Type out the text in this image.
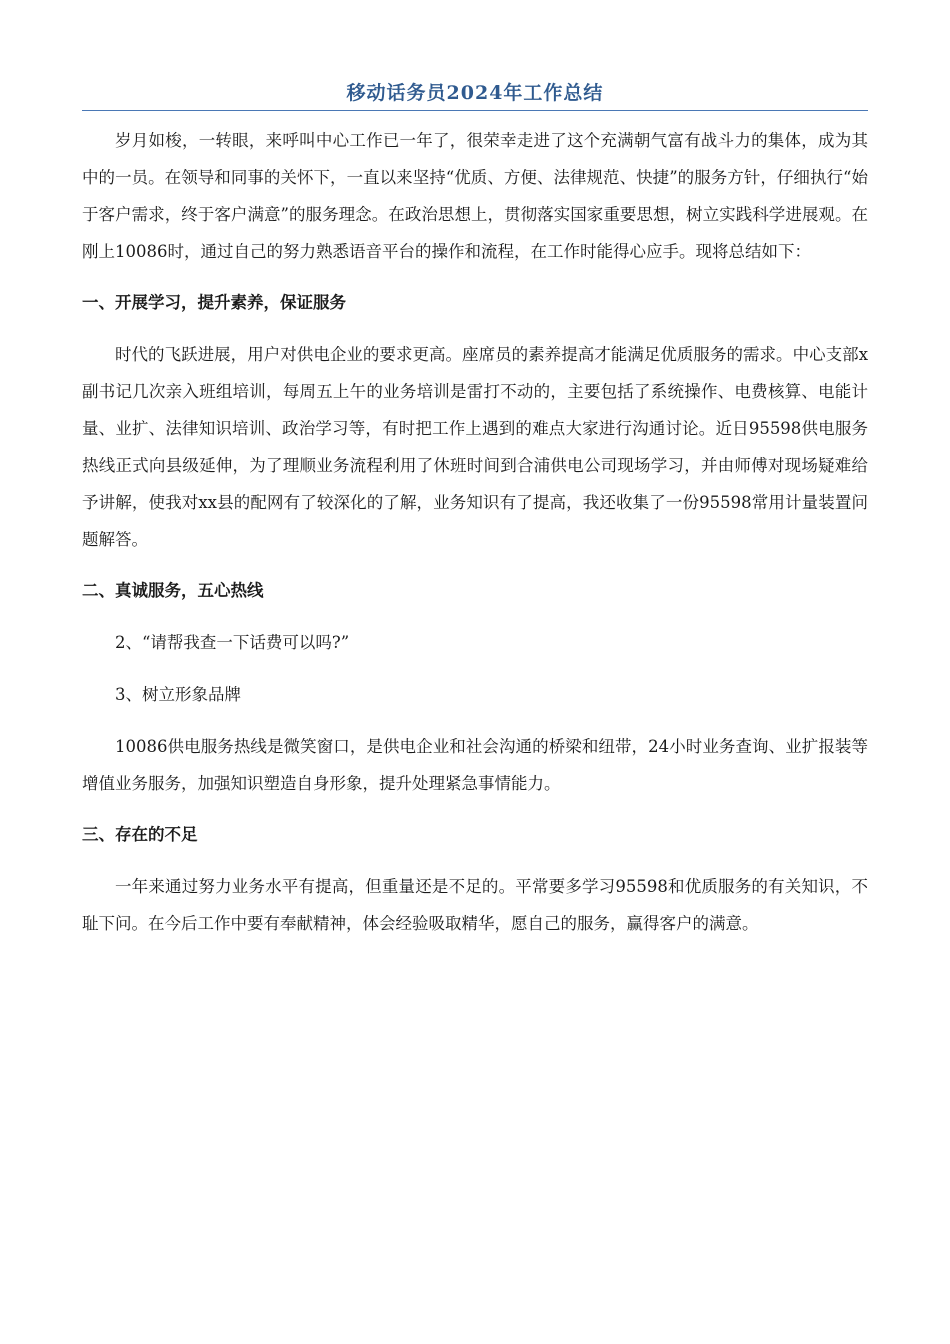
移动话务员2024年工作总结

岁月如梭，一转眼，来呼叫中心工作已一年了，很荣幸走进了这个充满朝气富有战斗力的集体，成为其中的一员。在领导和同事的关怀下，一直以来坚持“优质、方便、法律规范、快捷”的服务方针，仔细执行“始于客户需求，终于客户满意”的服务理念。在政治思想上，贯彻落实国家重要思想，树立实践科学进展观。在刚上10086时，通过自己的努力熟悉语音平台的操作和流程，在工作时能得心应手。现将总结如下：

一、开展学习，提升素养，保证服务

时代的飞跃进展，用户对供电企业的要求更高。座席员的素养提高才能满足优质服务的需求。中心支部x副书记几次亲入班组培训，每周五上午的业务培训是雷打不动的，主要包括了系统操作、电费核算、电能计量、业扩、法律知识培训、政治学习等，有时把工作上遇到的难点大家进行沟通讨论。近日95598供电服务热线正式向县级延伸，为了理顺业务流程利用了休班时间到合浦供电公司现场学习，并由师傅对现场疑难给予讲解，使我对xx县的配网有了较深化的了解，业务知识有了提高，我还收集了一份95598常用计量装置问题解答。

二、真诚服务，五心热线

2、“请帮我查一下话费可以吗?”

3、树立形象品牌

10086供电服务热线是微笑窗口，是供电企业和社会沟通的桥梁和纽带，24小时业务查询、业扩报装等增值业务服务，加强知识塑造自身形象，提升处理紧急事情能力。

三、存在的不足

一年来通过努力业务水平有提高，但重量还是不足的。平常要多学习95598和优质服务的有关知识，不耻下问。在今后工作中要有奉献精神，体会经验吸取精华，愿自己的服务，赢得客户的满意。
